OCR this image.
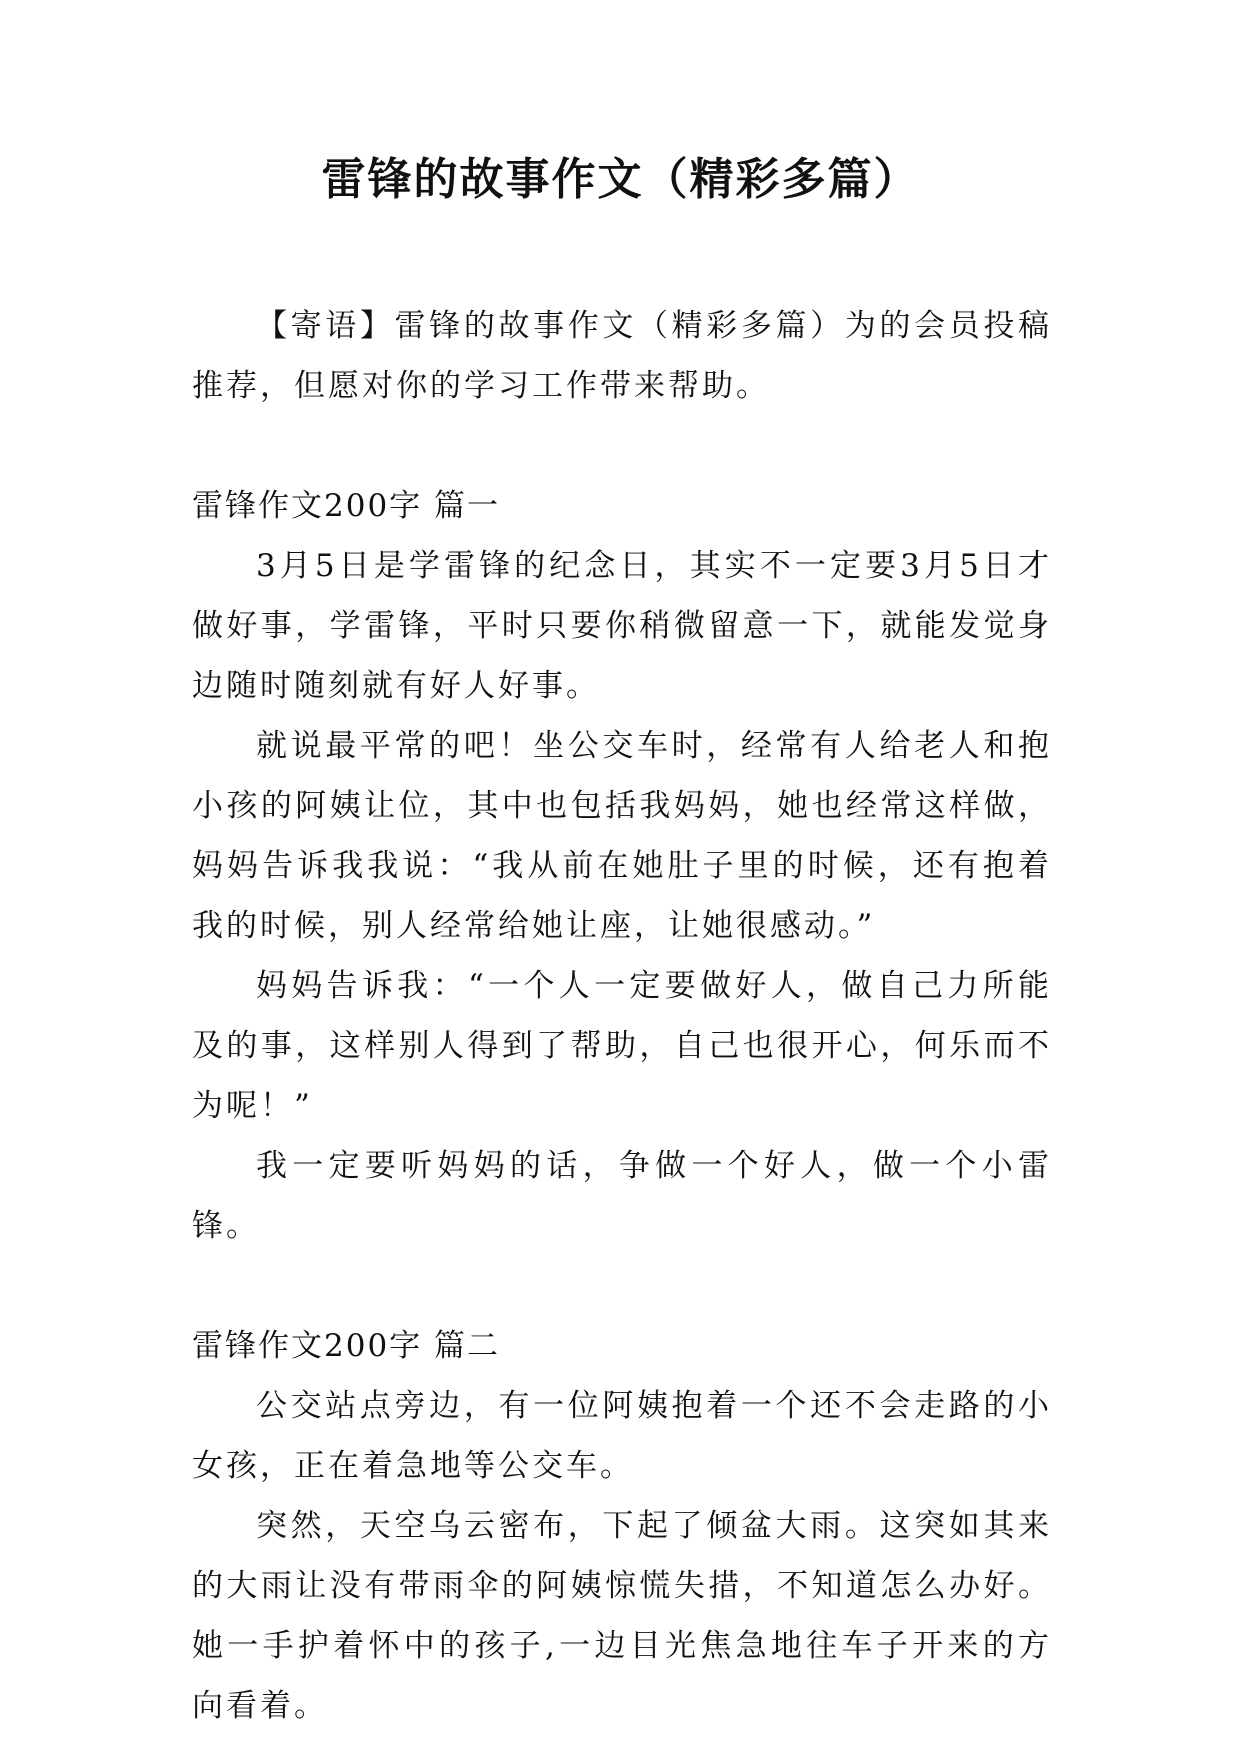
雷锋的故事作文（精彩多篇）

【寄语】雷锋的故事作文（精彩多篇）为的会员投稿推荐，但愿对你的学习工作带来帮助。

雷锋作文200字 篇一

3月5日是学雷锋的纪念日，其实不一定要3月5日才做好事，学雷锋，平时只要你稍微留意一下，就能发觉身边随时随刻就有好人好事。

就说最平常的吧！坐公交车时，经常有人给老人和抱小孩的阿姨让位，其中也包括我妈妈，她也经常这样做，妈妈告诉我我说：“我从前在她肚子里的时候，还有抱着我的时候，别人经常给她让座，让她很感动。”

妈妈告诉我：“一个人一定要做好人，做自己力所能及的事，这样别人得到了帮助，自己也很开心，何乐而不为呢！”

我一定要听妈妈的话，争做一个好人，做一个小雷锋。

雷锋作文200字 篇二

公交站点旁边，有一位阿姨抱着一个还不会走路的小女孩，正在着急地等公交车。

突然，天空乌云密布，下起了倾盆大雨。这突如其来的大雨让没有带雨伞的阿姨惊慌失措，不知道怎么办好。她一手护着怀中的孩子,一边目光焦急地往车子开来的方向看着。
